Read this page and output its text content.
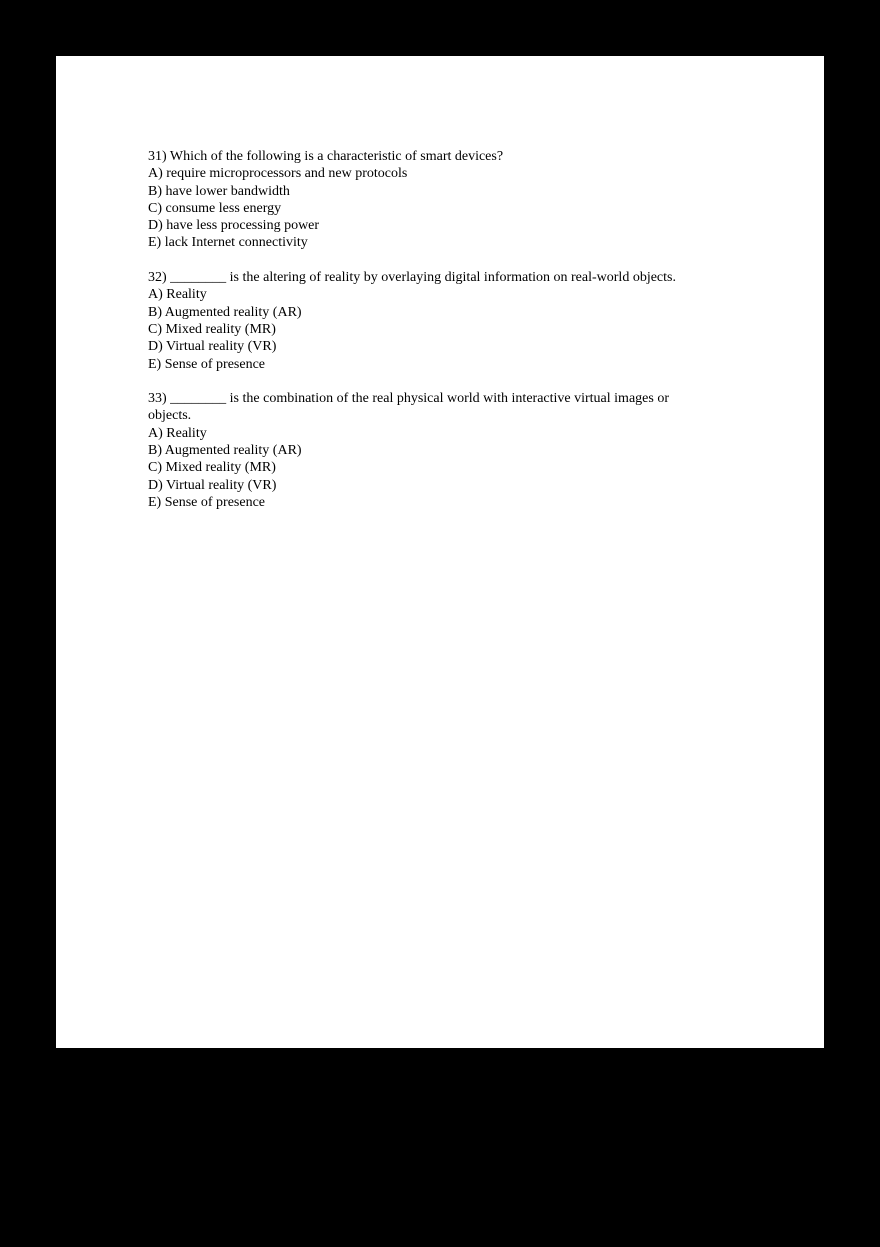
31) Which of the following is a characteristic of smart devices?
A) require microprocessors and new protocols
B) have lower bandwidth
C) consume less energy
D) have less processing power
E) lack Internet connectivity
32) ________ is the altering of reality by overlaying digital information on real-world objects.
A) Reality
B) Augmented reality (AR)
C) Mixed reality (MR)
D) Virtual reality (VR)
E) Sense of presence
33) ________ is the combination of the real physical world with interactive virtual images or
objects.
A) Reality
B) Augmented reality (AR)
C) Mixed reality (MR)
D) Virtual reality (VR)
E) Sense of presence
